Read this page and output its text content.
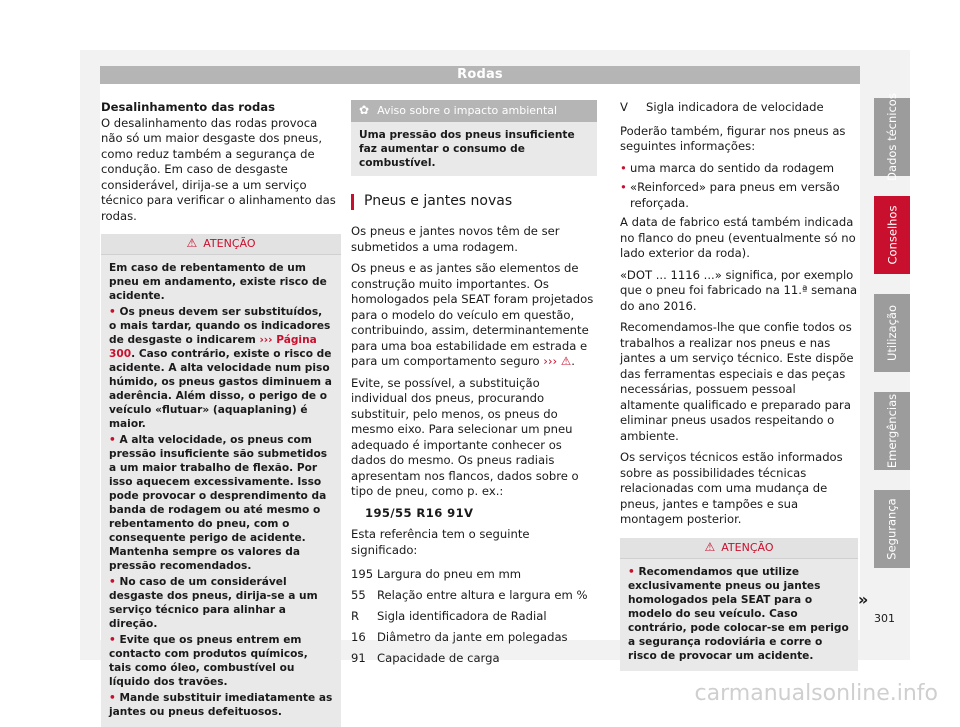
Rodas
Desalinhamento das rodas

O desalinhamento das rodas provoca não só um maior desgaste dos pneus, como reduz também a segurança de condução. Em caso de desgaste considerável, dirija-se a um serviço técnico para verificar o alinhamento das rodas.

⚠ ATENÇÃO

Em caso de rebentamento de um pneu em andamento, existe risco de acidente.

• Os pneus devem ser substituídos, o mais tardar, quando os indicadores de desgaste o indicarem ››› Página 300. Caso contrário, existe o risco de acidente. A alta velocidade num piso húmido, os pneus gastos diminuem a aderência. Além disso, o perigo de o veículo «flutuar» (aquaplaning) é maior.

• A alta velocidade, os pneus com pressão insuficiente são submetidos a um maior trabalho de flexão. Por isso aquecem excessivamente. Isso pode provocar o desprendimento da banda de rodagem ou até mesmo o rebentamento do pneu, com o consequente perigo de acidente. Mantenha sempre os valores da pressão recomendados.

• No caso de um considerável desgaste dos pneus, dirija-se a um serviço técnico para alinhar a direção.

• Evite que os pneus entrem em contacto com produtos químicos, tais como óleo, combustível ou líquido dos travões.

• Mande substituir imediatamente as jantes ou pneus defeituosos.

✿ Aviso sobre o impacto ambiental
Uma pressão dos pneus insuficiente faz aumentar o consumo de combustível.
Pneus e jantes novas

Os pneus e jantes novos têm de ser submetidos a uma rodagem.

Os pneus e as jantes são elementos de construção muito importantes. Os homologados pela SEAT foram projetados para o modelo do veículo em questão, contribuindo, assim, determinantemente para uma boa estabilidade em estrada e para um comportamento seguro ››› ⚠.

Evite, se possível, a substituição individual dos pneus, procurando substituir, pelo menos, os pneus do mesmo eixo. Para selecionar um pneu adequado é importante conhecer os dados do mesmo. Os pneus radiais apresentam nos flancos, dados sobre o tipo de pneu, como p. ex.:

195/55 R16 91V

Esta referência tem o seguinte significado:

195 Largura do pneu em mm
55 Relação entre altura e largura em %
R	Sigla identificadora de Radial
16 Diâmetro da jante em polegadas
91 Capacidade de carga
V	Sigla indicadora de velocidade

Poderão também, figurar nos pneus as seguintes informações:

• uma marca do sentido da rodagem
• «Reinforced» para pneus em versão reforçada.

A data de fabrico está também indicada no flanco do pneu (eventualmente só no lado exterior da roda).

«DOT ... 1116 ...» significa, por exemplo que o pneu foi fabricado na 11.ª semana do ano 2016.

Recomendamos-lhe que confie todos os trabalhos a realizar nos pneus e nas jantes a um serviço técnico. Este dispõe das ferramentas especiais e das peças necessárias, possuem pessoal altamente qualificado e preparado para eliminar pneus usados respeitando o ambiente.

Os serviços técnicos estão informados sobre as possibilidades técnicas relacionadas com uma mudança de pneus, jantes e tampões e sua montagem posterior.

⚠ ATENÇÃO

• Recomendamos que utilize exclusivamente pneus ou jantes homologados pela SEAT para o modelo do seu veículo. Caso contrário, pode colocar-se em perigo a segurança rodoviária e corre o risco de provocar um acidente.

»
Dados técnicos
Conselhos
Utilização
Emergências
Segurança
301
carmanualsonline.info
